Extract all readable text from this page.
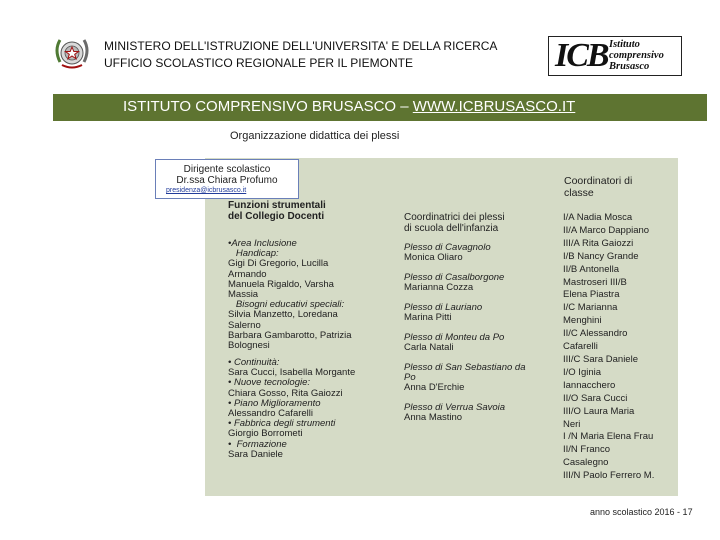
MINISTERO DELL'ISTRUZIONE DELL'UNIVERSITA' E DELLA RICERCA
UFFICIO SCOLASTICO REGIONALE PER IL PIEMONTE	ICB Istituto
comprensivo
Brusasco
ISTITUTO COMPRENSIVO BRUSASCO – WWW.ICBRUSASCO.IT
Organizzazione didattica dei plessi
Dirigente scolastico
Dr.ssa Chiara Profumo
presidenza@icbrusasco.it
Funzioni strumentali
del Collegio Docenti
•Area Inclusione
Handicap:
Gigi Di Gregorio, Lucilla
Armando
Manuela Rigaldo, Varsha
Massia
Bisogni educativi speciali:
Silvia Manzetto, Loredana
Salerno
Barbara Gambarotto, Patrizia
Bolognesi
• Continuità:
Sara Cucci, Isabella Morgante
• Nuove tecnologie:
Chiara Gosso, Rita Gaiozzi
• Piano Miglioramento
Alessandro Cafarelli
• Fabbrica degli strumenti
Giorgio Borrometi
•  Formazione
Sara Daniele
Coordinatrici dei plessi
di scuola dell'infanzia
Plesso di Cavagnolo
Monica Oliaro
Plesso di Casalborgone
Marianna Cozza
Plesso di Lauriano
Marina Pitti
Plesso di Monteu da Po
Carla Natali
Plesso di San Sebastiano da
Po
Anna D'Erchie
Plesso di Verrua Savoia
Anna Mastino
Coordinatori di
classe
I/A Nadia Mosca
II/A Marco Dappiano
III/A Rita Gaiozzi
I/B Nancy Grande
II/B Antonella
Mastroseri III/B
Elena Piastra
I/C Marianna
Menghini
II/C Alessandro
Cafarelli
III/C Sara Daniele
I/O Iginia
Iannacchero
II/O Sara Cucci
III/O Laura Maria
Neri
I /N Maria Elena Frau
II/N Franco
Casalegno
III/N Paolo Ferrero M.
anno scolastico 2016 - 17
